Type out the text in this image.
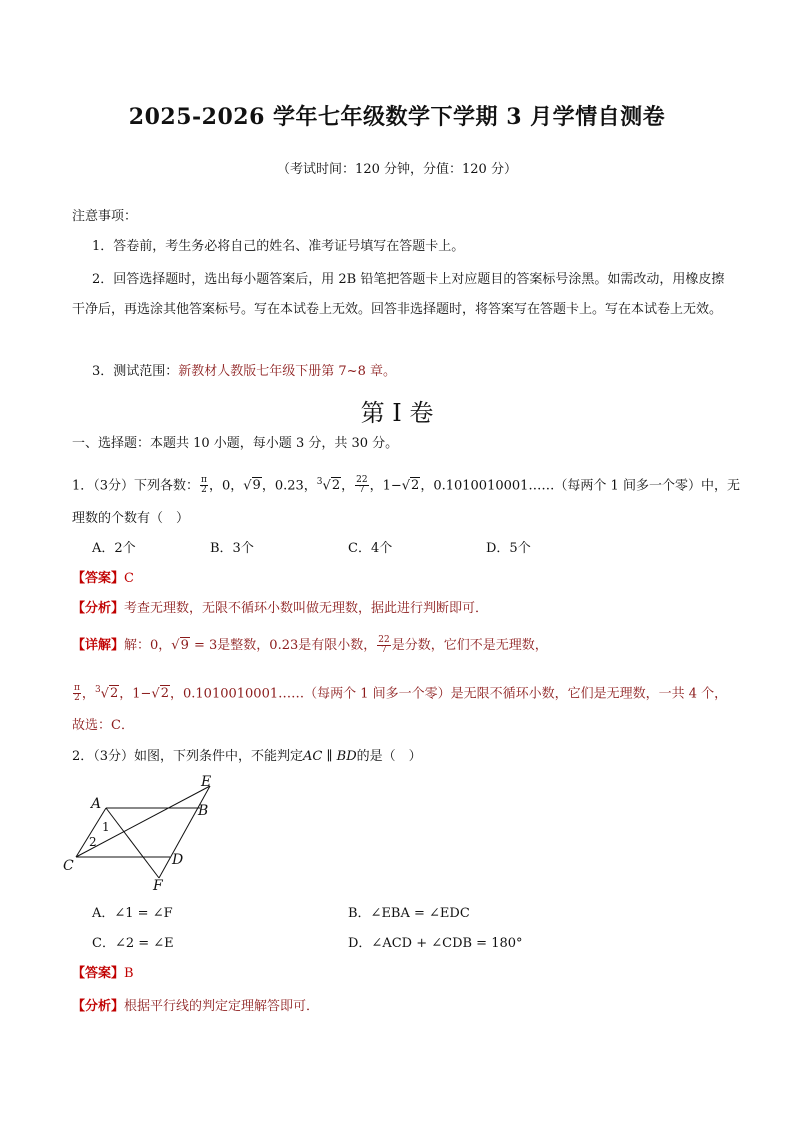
2025-2026 学年七年级数学下学期 3 月学情自测卷
（考试时间：120 分钟，分值：120 分）
注意事项：
1．答卷前，考生务必将自己的姓名、准考证号填写在答题卡上。
2．回答选择题时，选出每小题答案后，用 2B 铅笔把答题卡上对应题目的答案标号涂黑。如需改动，用橡皮擦干净后，再选涂其他答案标号。写在本试卷上无效。回答非选择题时，将答案写在答题卡上。写在本试卷上无效。
3．测试范围：新教材人教版七年级下册第 7~8 章。
第 I 卷
一、选择题：本题共 10 小题，每小题 3 分，共 30 分。
1．（3分）下列各数： $\frac{\pi}{2}$ ，0，√9，0.23，$^3$√2， $\frac{22}{7}$ ，1−√2，0.1010010001……（每两个 1 间多一个零）中，无
理数的个数有（　）
A．2个	B．3个	C．4个	D．5个
【答案】C
【分析】考查无理数，无限不循环小数叫做无理数，据此进行判断即可．
【详解】解：0，√9 = 3是整数，0.23是有限小数， $\frac{22}{7}$ 是分数，它们不是无理数，
$\frac{\pi}{2}$ ，$^3$√2，1−√2，0.1010010001……（每两个 1 间多一个零）是无限不循环小数，它们是无理数，一共 4 个，
故选：C．
2．（3分）如图，下列条件中，不能判定AC ∥ BD的是（　）
A	B
C	D
E
F
1
2
A．∠1 = ∠F	B．∠EBA = ∠EDC
C．∠2 = ∠E	D．∠ACD + ∠CDB = 180°
【答案】B
【分析】根据平行线的判定定理解答即可．
